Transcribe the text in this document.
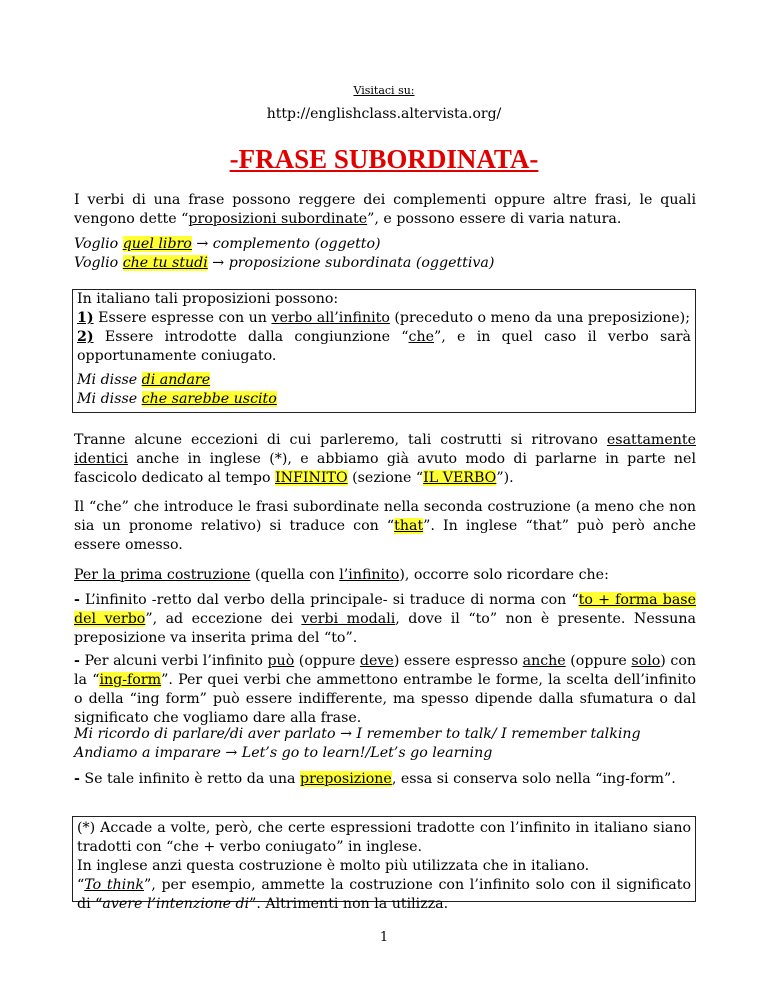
Visitaci su:
http://englishclass.altervista.org/
-FRASE SUBORDINATA-

I verbi di una frase possono reggere dei complementi oppure altre frasi, le quali vengono dette “proposizioni subordinate”, e possono essere di varia natura.

Voglio quel libro → complemento (oggetto)
Voglio che tu studi → proposizione subordinata (oggettiva)
In italiano tali proposizioni possono:

1) Essere espresse con un verbo all’infinito (preceduto o meno da una preposizione);

2) Essere introdotte dalla congiunzione “che”, e in quel caso il verbo sarà opportunamente coniugato.

Mi disse di andare
Mi disse che sarebbe uscito

Tranne alcune eccezioni di cui parleremo, tali costrutti si ritrovano esattamente identici anche in inglese (*), e abbiamo già avuto modo di parlarne in parte nel fascicolo dedicato al tempo INFINITO (sezione “IL VERBO”).

Il “che” che introduce le frasi subordinate nella seconda costruzione (a meno che non sia un pronome relativo) si traduce con “that”. In inglese “that” può però anche essere omesso.

Per la prima costruzione (quella con l’infinito), occorre solo ricordare che:

- L’infinito -retto dal verbo della principale- si traduce di norma con “to + forma base del verbo”, ad eccezione dei verbi modali, dove il “to” non è presente. Nessuna preposizione va inserita prima del “to”.

- Per alcuni verbi l’infinito può (oppure deve) essere espresso anche (oppure solo) con la “ing-form”. Per quei verbi che ammettono entrambe le forme, la scelta dell’infinito o della “ing form” può essere indifferente, ma spesso dipende dalla sfumatura o dal significato che vogliamo dare alla frase.

Mi ricordo di parlare/di aver parlato → I remember to talk/ I remember talking
Andiamo a imparare → Let’s go to learn!/Let’s go learning

- Se tale infinito è retto da una preposizione, essa si conserva solo nella “ing-form”.

(*) Accade a volte, però, che certe espressioni tradotte con l’infinito in italiano siano tradotti con “che + verbo coniugato” in inglese.

In inglese anzi questa costruzione è molto più utilizzata che in italiano.

“To think”, per esempio, ammette la costruzione con l’infinito solo con il significato di “avere l’intenzione di”. Altrimenti non la utilizza.

1
